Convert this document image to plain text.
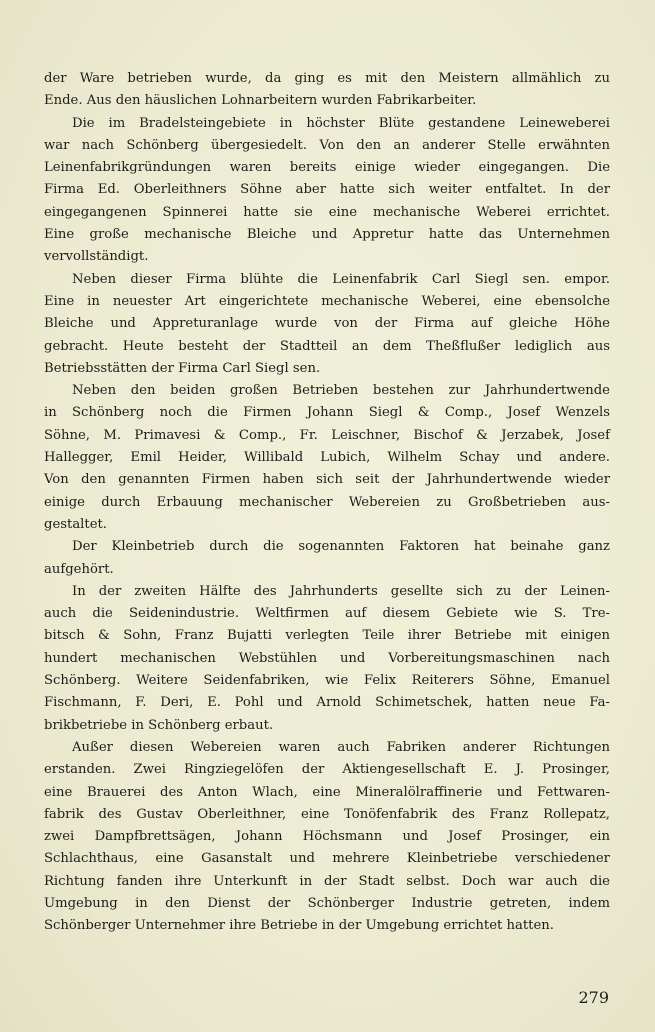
der Ware betrieben wurde, da ging es mit den Meistern allmählich zu
Ende. Aus den häuslichen Lohnarbeitern wurden Fabrikarbeiter.

Die im Bradelsteingebiete in höchster Blüte gestandene Leineweberei
war nach Schönberg übergesiedelt. Von den an anderer Stelle erwähnten
Leinenfabrikgründungen waren bereits einige wieder eingegangen. Die
Firma Ed. Oberleithners Söhne aber hatte sich weiter entfaltet. In der
eingegangenen Spinnerei hatte sie eine mechanische Weberei errichtet.
Eine große mechanische Bleiche und Appretur hatte das Unternehmen
vervollständigt.

Neben dieser Firma blühte die Leinenfabrik Carl Siegl sen. empor.
Eine in neuester Art eingerichtete mechanische Weberei, eine ebensolche
Bleiche und Appreturanlage wurde von der Firma auf gleiche Höhe
gebracht. Heute besteht der Stadtteil an dem Theßflußer lediglich aus
Betriebsstätten der Firma Carl Siegl sen.

Neben den beiden großen Betrieben bestehen zur Jahrhundertwende
in Schönberg noch die Firmen Johann Siegl & Comp., Josef Wenzels
Söhne, M. Primavesi & Comp., Fr. Leischner, Bischof & Jerzabek, Josef
Hallegger, Emil Heider, Willibald Lubich, Wilhelm Schay und andere.
Von den genannten Firmen haben sich seit der Jahrhundertwende wieder
einige durch Erbauung mechanischer Webereien zu Großbetrieben aus-
gestaltet.

Der Kleinbetrieb durch die sogenannten Faktoren hat beinahe ganz
aufgehört.

In der zweiten Hälfte des Jahrhunderts gesellte sich zu der Leinen-
auch die Seidenindustrie. Weltfirmen auf diesem Gebiete wie S. Tre-
bitsch & Sohn, Franz Bujatti verlegten Teile ihrer Betriebe mit einigen
hundert mechanischen Webstühlen und Vorbereitungsmaschinen nach
Schönberg. Weitere Seidenfabriken, wie Felix Reiterers Söhne, Emanuel
Fischmann, F. Deri, E. Pohl und Arnold Schimetschek, hatten neue Fa-
brikbetriebe in Schönberg erbaut.

Außer diesen Webereien waren auch Fabriken anderer Richtungen
erstanden. Zwei Ringziegelöfen der Aktiengesellschaft E. J. Prosinger,
eine Brauerei des Anton Wlach, eine Mineralölraffinerie und Fettwaren-
fabrik des Gustav Oberleithner, eine Tonöfenfabrik des Franz Rollepatz,
zwei Dampfbrettsägen, Johann Höchsmann und Josef Prosinger, ein
Schlachthaus, eine Gasanstalt und mehrere Kleinbetriebe verschiedener
Richtung fanden ihre Unterkunft in der Stadt selbst. Doch war auch die
Umgebung in den Dienst der Schönberger Industrie getreten, indem
Schönberger Unternehmer ihre Betriebe in der Umgebung errichtet hatten.

279
